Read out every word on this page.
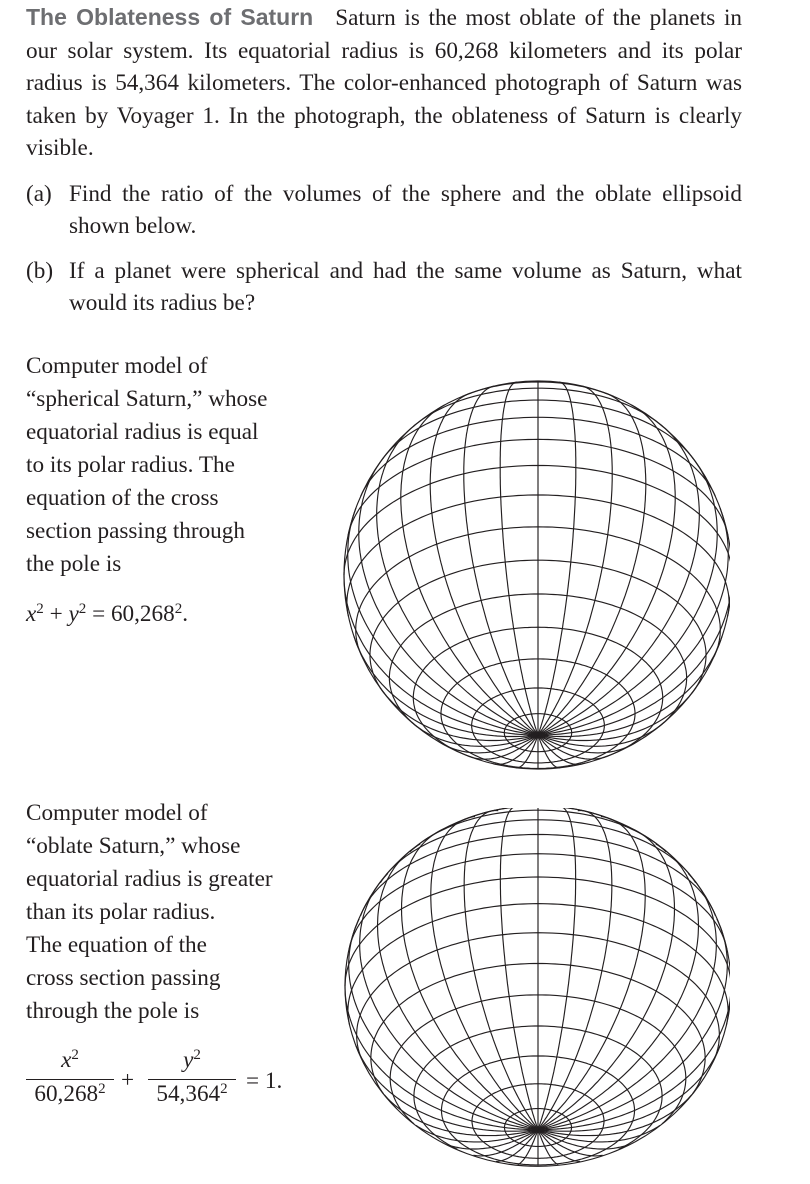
The Oblateness of Saturn Saturn is the most oblate of the planets in our solar system. Its equatorial radius is 60,268 kilometers and its polar radius is 54,364 kilometers. The color-enhanced photograph of Saturn was taken by Voyager 1. In the photograph, the oblateness of Saturn is clearly visible.
(a) Find the ratio of the volumes of the sphere and the oblate ellipsoid shown below.
(b) If a planet were spherical and had the same volume as Saturn, what would its radius be?
Computer model of
“spherical Saturn,” whose
equatorial radius is equal
to its polar radius. The
equation of the cross
section passing through
the pole is
$x^2 + y^2 = 60,268^2$.
Computer model of
“oblate Saturn,” whose
equatorial radius is greater
than its polar radius.
The equation of the
cross section passing
through the pole is
$x^2$
$60,268^2$ +
$y^2$
$54,364^2 = 1$.
